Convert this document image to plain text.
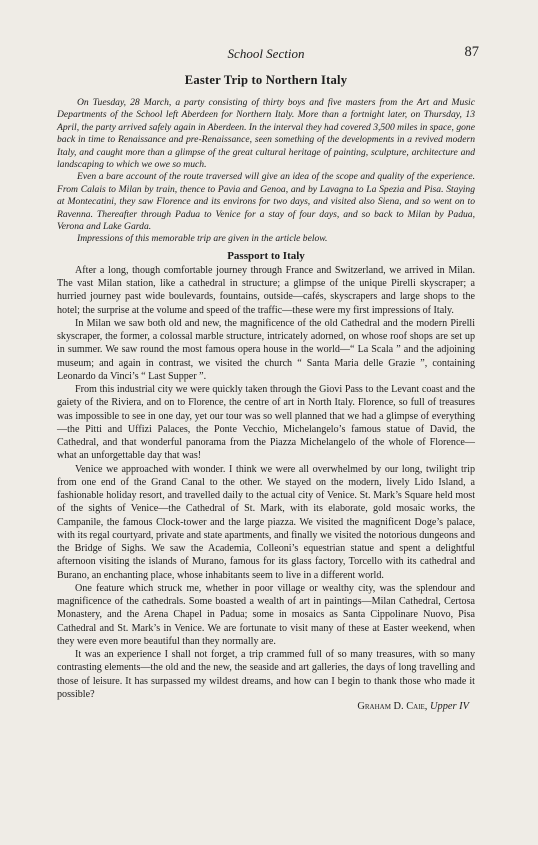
School Section	87
Easter Trip to Northern Italy

On Tuesday, 28 March, a party consisting of thirty boys and five masters from the Art and Music Departments of the School left Aberdeen for Northern Italy. More than a fortnight later, on Thursday, 13 April, the party arrived safely again in Aberdeen. In the interval they had covered 3,500 miles in space, gone back in time to Renaissance and pre-Renaissance, seen something of the developments in a revived modern Italy, and caught more than a glimpse of the great cultural heritage of painting, sculpture, architecture and landscaping to which we owe so much.

Even a bare account of the route traversed will give an idea of the scope and quality of the experience. From Calais to Milan by train, thence to Pavia and Genoa, and by Lavagna to La Spezia and Pisa. Staying at Montecatini, they saw Florence and its environs for two days, and visited also Siena, and so went on to Ravenna. Thereafter through Padua to Venice for a stay of four days, and so back to Milan by Padua, Verona and Lake Garda.

Impressions of this memorable trip are given in the article below.

Passport to Italy

After a long, though comfortable journey through France and Switzerland, we arrived in Milan. The vast Milan station, like a cathedral in structure; a glimpse of the unique Pirelli skyscraper; a hurried journey past wide boulevards, fountains, outside—cafés, skyscrapers and large shops to the hotel; the surprise at the volume and speed of the traffic—these were my first impressions of Italy.

In Milan we saw both old and new, the magnificence of the old Cathedral and the modern Pirelli skyscraper, the former, a colossal marble structure, intricately adorned, on whose roof shops are set up in summer. We saw round the most famous opera house in the world—“ La Scala ” and the adjoining museum; and again in contrast, we visited the church “ Santa Maria delle Grazie ”, containing Leonardo da Vinci’s “ Last Supper ”.

From this industrial city we were quickly taken through the Giovi Pass to the Levant coast and the gaiety of the Riviera, and on to Florence, the centre of art in North Italy. Florence, so full of treasures was impossible to see in one day, yet our tour was so well planned that we had a glimpse of everything—the Pitti and Uffizi Palaces, the Ponte Vecchio, Michelangelo’s famous statue of David, the Cathedral, and that wonderful panorama from the Piazza Michelangelo of the whole of Florence—what an unforgettable day that was!

Venice we approached with wonder. I think we were all overwhelmed by our long, twilight trip from one end of the Grand Canal to the other. We stayed on the modern, lively Lido Island, a fashionable holiday resort, and travelled daily to the actual city of Venice. St. Mark’s Square held most of the sights of Venice—the Cathedral of St. Mark, with its elaborate, gold mosaic works, the Campanile, the famous Clock-tower and the large piazza. We visited the magnificent Doge’s palace, with its regal courtyard, private and state apartments, and finally we visited the notorious dungeons and the Bridge of Sighs. We saw the Academia, Colleoni’s equestrian statue and spent a delightful afternoon visiting the islands of Murano, famous for its glass factory, Torcello with its cathedral and Burano, an enchanting place, whose inhabitants seem to live in a different world.

One feature which struck me, whether in poor village or wealthy city, was the splendour and magnificence of the cathedrals. Some boasted a wealth of art in paintings—Milan Cathedral, Certosa Monastery, and the Arena Chapel in Padua; some in mosaics as Santa Cippolinare Nuovo, Pisa Cathedral and St. Mark’s in Venice. We are fortunate to visit many of these at Easter weekend, when they were even more beautiful than they normally are.

It was an experience I shall not forget, a trip crammed full of so many treasures, with so many contrasting elements—the old and the new, the seaside and art galleries, the days of long travelling and those of leisure. It has surpassed my wildest dreams, and how can I begin to thank those who made it possible?

Graham D. Caie, Upper IV
